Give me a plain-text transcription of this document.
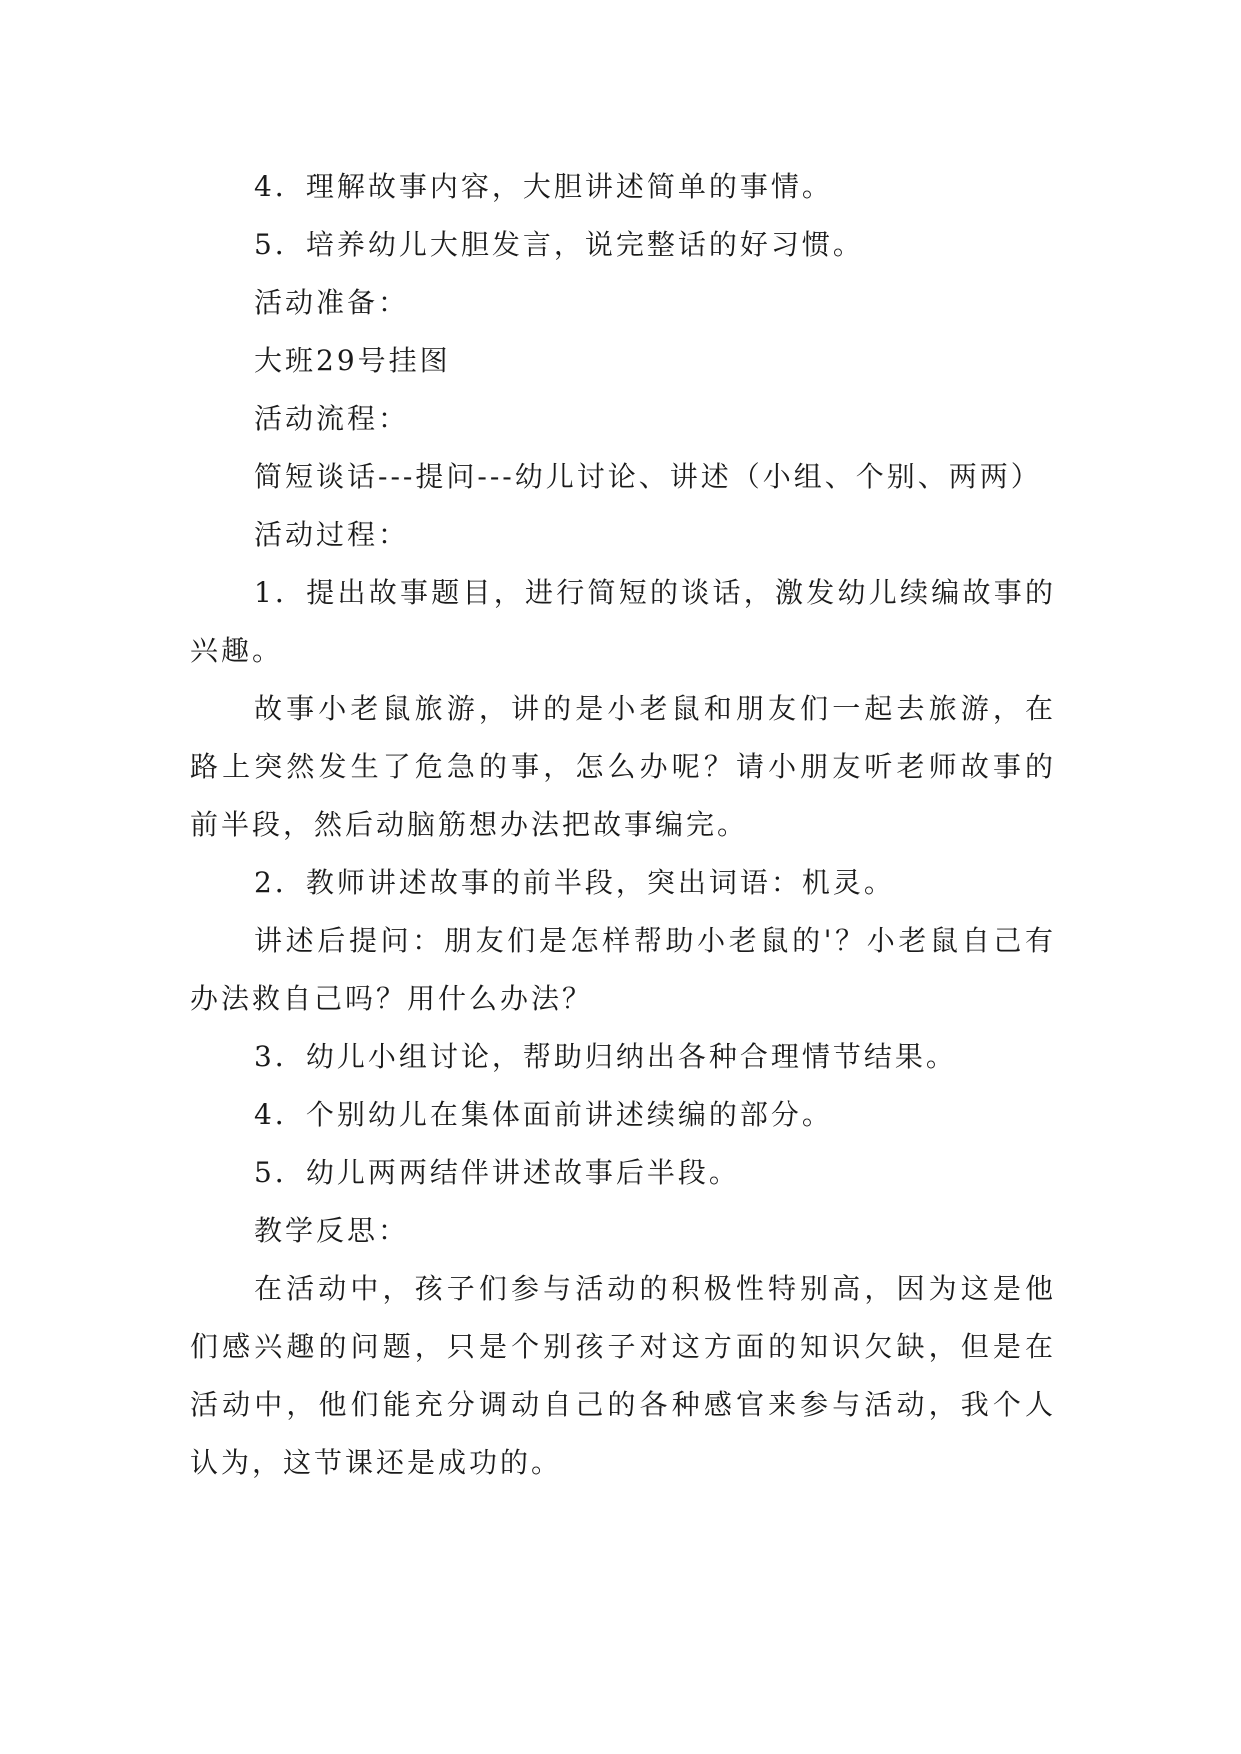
4．理解故事内容，大胆讲述简单的事情。

5．培养幼儿大胆发言，说完整话的好习惯。

活动准备：

大班29号挂图

活动流程：

简短谈话---提问---幼儿讨论、讲述（小组、个别、两两）

活动过程：

1．提出故事题目，进行简短的谈话，激发幼儿续编故事的兴趣。

故事小老鼠旅游，讲的是小老鼠和朋友们一起去旅游，在路上突然发生了危急的事，怎么办呢？请小朋友听老师故事的前半段，然后动脑筋想办法把故事编完。

2．教师讲述故事的前半段，突出词语：机灵。

讲述后提问：朋友们是怎样帮助小老鼠的'？小老鼠自己有办法救自己吗？用什么办法？

3．幼儿小组讨论，帮助归纳出各种合理情节结果。

4．个别幼儿在集体面前讲述续编的部分。

5．幼儿两两结伴讲述故事后半段。

教学反思：

在活动中，孩子们参与活动的积极性特别高，因为这是他们感兴趣的问题，只是个别孩子对这方面的知识欠缺，但是在活动中，他们能充分调动自己的各种感官来参与活动，我个人认为，这节课还是成功的。
